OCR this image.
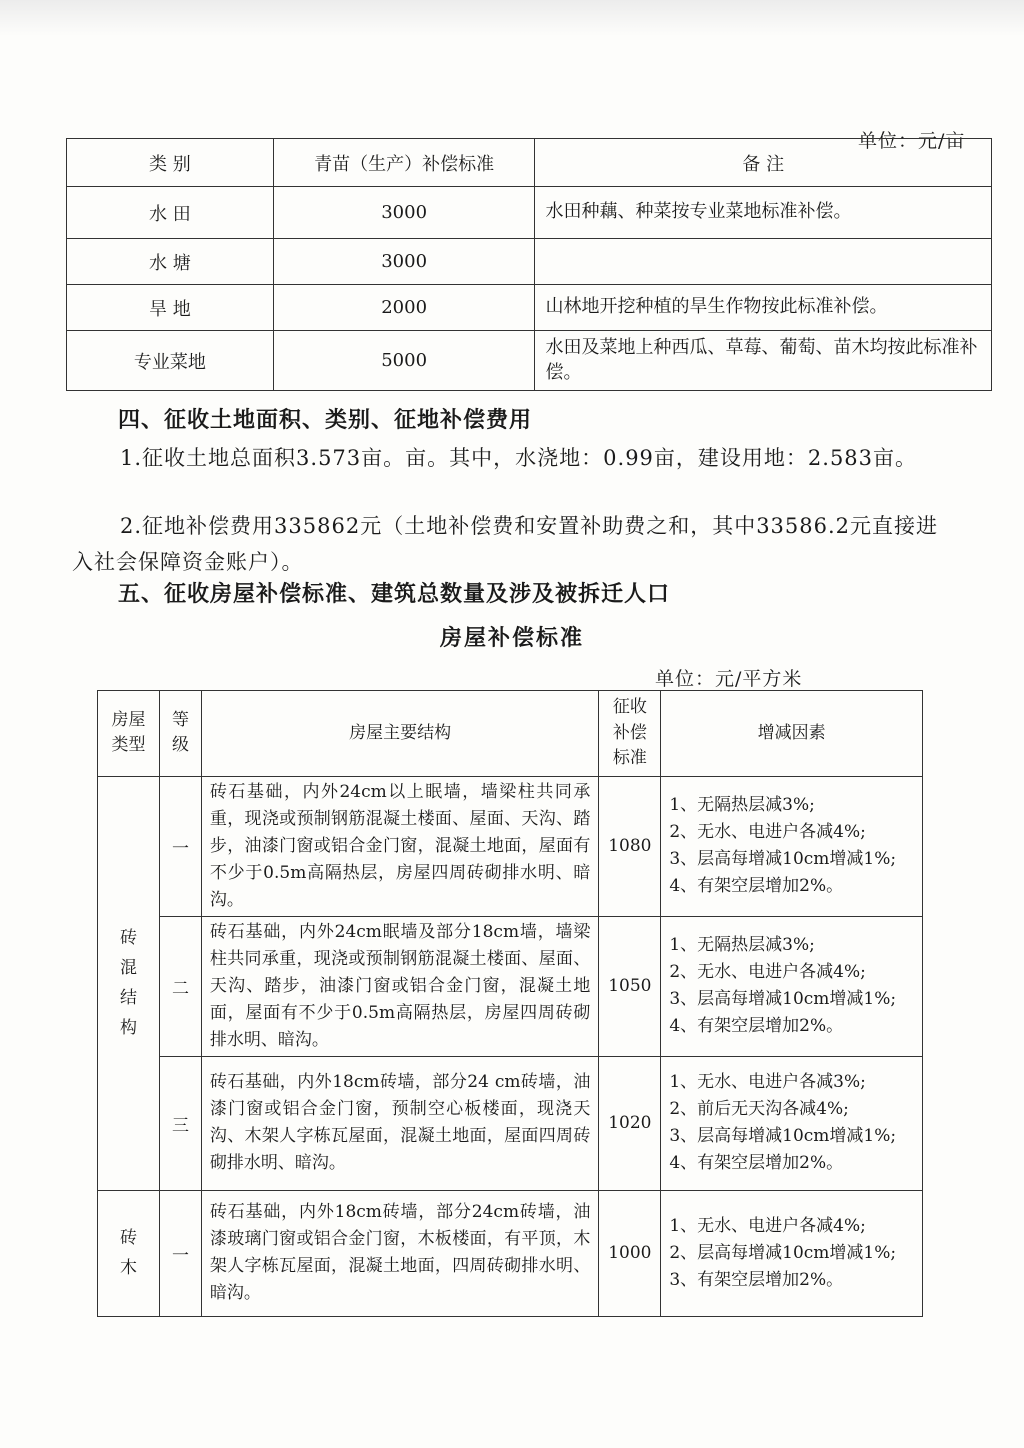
单位：元/亩
类 别	青苗（生产）补偿标准	备 注
水 田	3000	水田种藕、种菜按专业菜地标准补偿。
水 塘	3000	
旱 地	2000	山林地开挖种植的旱生作物按此标准补偿。
专业菜地	5000	水田及菜地上种西瓜、草莓、葡萄、苗木均按此标准补偿。
四、征收土地面积、类别、征地补偿费用
1.征收土地总面积3.573亩。亩。其中，水浇地：0.99亩，建设用地：2.583亩。
2.征地补偿费用335862元（土地补偿费和安置补助费之和，其中33586.2元直接进入社会保障资金账户）。
五、征收房屋补偿标准、建筑总数量及涉及被拆迁人口
房屋补偿标准
单位：元/平方米
房屋类型	等级	房屋主要结构	征收补偿标准	增减因素

砖混结构	一	砖石基础，内外24cm以上眠墙，墙梁柱共同承重，现浇或预制钢筋混凝土楼面、屋面、天沟、踏步，油漆门窗或铝合金门窗，混凝土地面，屋面有不少于0.5m高隔热层，房屋四周砖砌排水明、暗沟。	1080	1、无隔热层减3%;
2、无水、电进户各减4%;
3、层高每增减10cm增减1%;
4、有架空层增加2%。

	二	砖石基础，内外24cm眠墙及部分18cm墙，墙梁柱共同承重，现浇或预制钢筋混凝土楼面、屋面、天沟、踏步，油漆门窗或铝合金门窗，混凝土地面，屋面有不少于0.5m高隔热层，房屋四周砖砌排水明、暗沟。	1050	1、无隔热层减3%;
2、无水、电进户各减4%;
3、层高每增减10cm增减1%;
4、有架空层增加2%。

	三	砖石基础，内外18cm砖墙，部分24 cm砖墙，油漆门窗或铝合金门窗，预制空心板楼面，现浇天沟、木架人字栋瓦屋面，混凝土地面，屋面四周砖砌排水明、暗沟。	1020	1、无水、电进户各减3%;
2、前后无天沟各减4%;
3、层高每增减10cm增减1%;
4、有架空层增加2%。

砖木	一	砖石基础，内外18cm砖墙，部分24cm砖墙，油漆玻璃门窗或铝合金门窗，木板楼面，有平顶，木架人字栋瓦屋面，混凝土地面，四周砖砌排水明、暗沟。	1000	1、无水、电进户各减4%;
2、层高每增减10cm增减1%;
3、有架空层增加2%。
